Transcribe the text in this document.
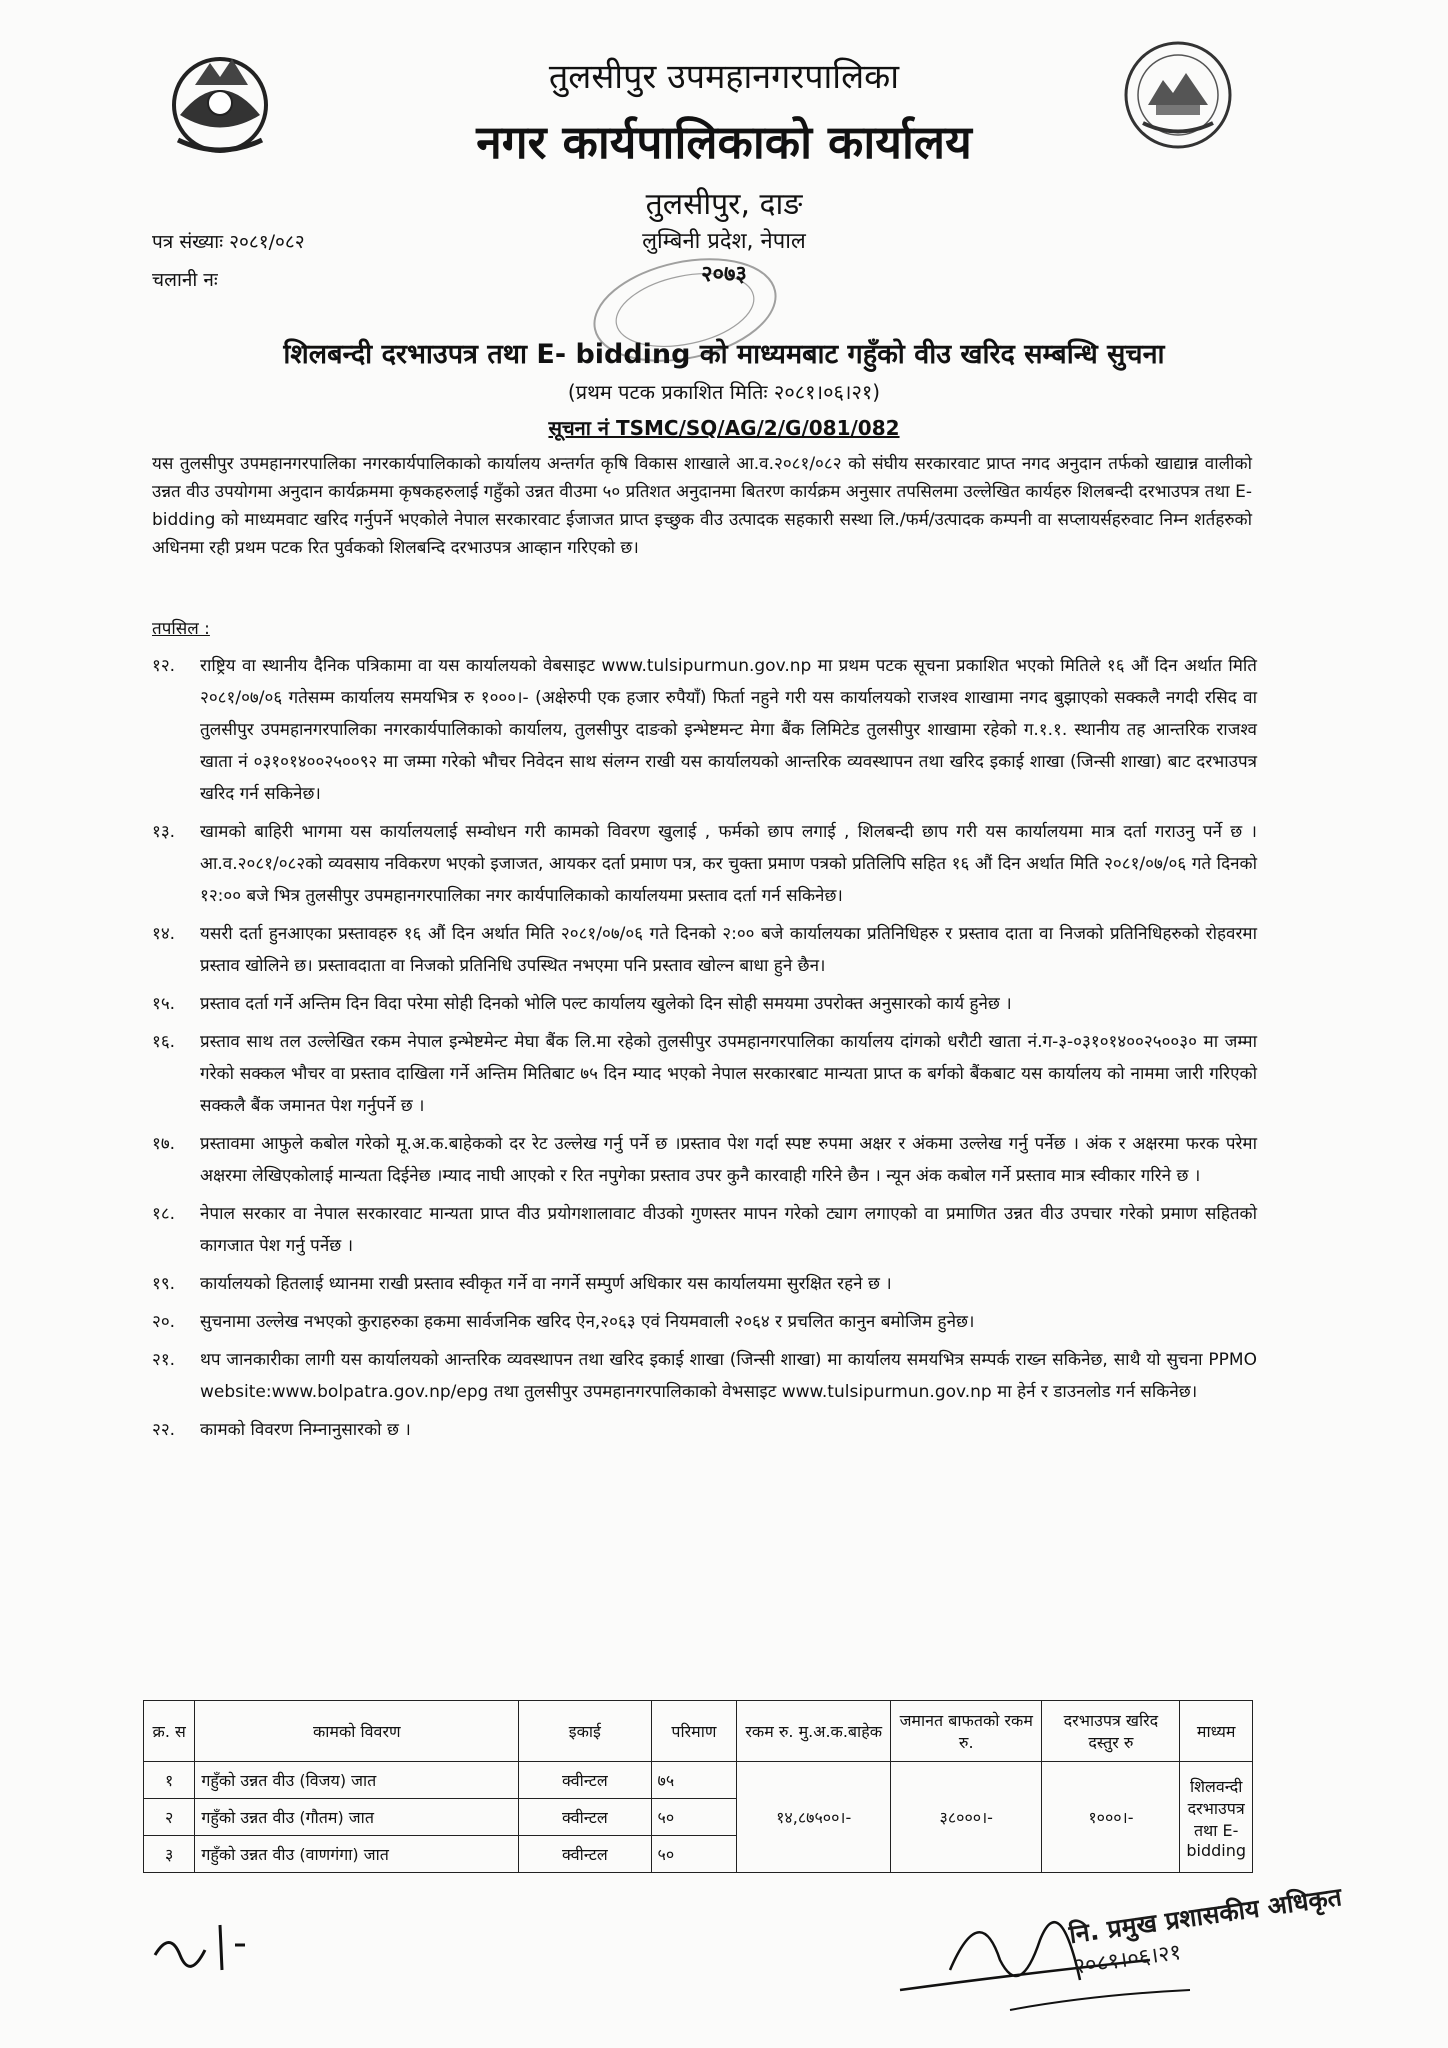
तुलसीपुर उपमहानगरपालिका
नगर कार्यपालिकाको कार्यालय
तुलसीपुर, दाङ
लुम्बिनी प्रदेश, नेपाल
२०७३
पत्र संख्याः २०८१/०८२
चलानी नः
शिलबन्दी दरभाउपत्र तथा E- bidding को माध्यमबाट गहुँको वीउ खरिद सम्बन्धि सुचना
(प्रथम पटक प्रकाशित मितिः २०८१।०६।२१)
सूचना नं TSMC/SQ/AG/2/G/081/082
यस तुलसीपुर उपमहानगरपालिका नगरकार्यपालिकाको कार्यालय अन्तर्गत कृषि विकास शाखाले आ.व.२०८१/०८२ को संघीय सरकारवाट प्राप्त नगद अनुदान तर्फको खाद्यान्न वालीको उन्नत वीउ उपयोगमा अनुदान कार्यक्रममा कृषकहरुलाई गहुँको उन्नत वीउमा ५० प्रतिशत अनुदानमा बितरण कार्यक्रम अनुसार तपसिलमा उल्लेखित कार्यहरु शिलबन्दी दरभाउपत्र तथा E- bidding को माध्यमवाट खरिद गर्नुपर्ने भएकोले नेपाल सरकारवाट ईजाजत प्राप्त इच्छुक वीउ उत्पादक सहकारी सस्था लि./फर्म/उत्पादक कम्पनी वा सप्लायर्सहरुवाट निम्न शर्तहरुको अधिनमा रही प्रथम पटक रित पुर्वकको शिलबन्दि दरभाउपत्र आव्हान गरिएको छ।
तपसिल :
१२.	राष्ट्रिय वा स्थानीय दैनिक पत्रिकामा वा यस कार्यालयको वेबसाइट www.tulsipurmun.gov.np मा प्रथम पटक सूचना प्रकाशित भएको मितिले १६ औं दिन अर्थात मिति २०८१/०७/०६ गतेसम्म कार्यालय समयभित्र रु १०००।- (अक्षेरुपी एक हजार रुपैयाँ) फिर्ता नहुने गरी यस कार्यालयको राजश्व शाखामा नगद बुझाएको सक्कलै नगदी रसिद वा तुलसीपुर उपमहानगरपालिका नगरकार्यपालिकाको कार्यालय, तुलसीपुर दाङको इन्भेष्टमन्ट मेगा बैंक लिमिटेड तुलसीपुर शाखामा रहेको ग.१.१. स्थानीय तह आन्तरिक राजश्व खाता नं ०३१०१४००२५००९२ मा जम्मा गरेको भौचर निवेदन साथ संलग्न राखी यस कार्यालयको आन्तरिक व्यवस्थापन तथा खरिद इकाई शाखा (जिन्सी शाखा) बाट दरभाउपत्र खरिद गर्न सकिनेछ।
१३.	खामको बाहिरी भागमा यस कार्यालयलाई सम्वोधन गरी कामको विवरण खुलाई , फर्मको छाप लगाई , शिलबन्दी छाप गरी यस कार्यालयमा मात्र दर्ता गराउनु पर्ने छ । आ.व.२०८१/०८२को व्यवसाय नविकरण भएको इजाजत, आयकर दर्ता प्रमाण पत्र, कर चुक्ता प्रमाण पत्रको प्रतिलिपि सहित १६ औं दिन अर्थात मिति २०८१/०७/०६ गते दिनको १२:०० बजे भित्र तुलसीपुर उपमहानगरपालिका नगर कार्यपालिकाको कार्यालयमा प्रस्ताव दर्ता गर्न सकिनेछ।
१४.	यसरी दर्ता हुनआएका प्रस्तावहरु १६ औं दिन अर्थात मिति २०८१/०७/०६ गते दिनको २:०० बजे कार्यालयका प्रतिनिधिहरु र प्रस्ताव दाता वा निजको प्रतिनिधिहरुको रोहवरमा प्रस्ताव खोलिने छ। प्रस्तावदाता वा निजको प्रतिनिधि उपस्थित नभएमा पनि प्रस्ताव खोल्न बाधा हुने छैन।
१५.	प्रस्ताव दर्ता गर्ने अन्तिम दिन विदा परेमा सोही दिनको भोलि पल्ट कार्यालय खुलेको दिन सोही समयमा उपरोक्त अनुसारको कार्य हुनेछ ।
१६.	प्रस्ताव साथ तल उल्लेखित रकम नेपाल इन्भेष्टमेन्ट मेघा बैंक लि.मा रहेको तुलसीपुर उपमहानगरपालिका कार्यालय दांगको धरौटी खाता नं.ग-३-०३१०१४००२५००३० मा जम्मा गरेको सक्कल भौचर वा प्रस्ताव दाखिला गर्ने अन्तिम मितिबाट ७५ दिन म्याद भएको नेपाल सरकारबाट मान्यता प्राप्त क बर्गको बैंकबाट यस कार्यालय को नाममा जारी गरिएको सक्कलै बैंक जमानत पेश गर्नुपर्ने छ ।
१७.	प्रस्तावमा आफुले कबोल गरेको मू.अ.क.बाहेकको दर रेट उल्लेख गर्नु पर्ने छ ।प्रस्ताव पेश गर्दा स्पष्ट रुपमा अक्षर र अंकमा उल्लेख गर्नु पर्नेछ । अंक र अक्षरमा फरक परेमा अक्षरमा लेखिएकोलाई मान्यता दिईनेछ ।म्याद नाघी आएको र रित नपुगेका प्रस्ताव उपर कुनै कारवाही गरिने छैन । न्यून अंक कबोल गर्ने प्रस्ताव मात्र स्वीकार गरिने छ ।
१८.	नेपाल सरकार वा नेपाल सरकारवाट मान्यता प्राप्त वीउ प्रयोगशालावाट वीउको गुणस्तर मापन गरेको ट्याग लगाएको वा प्रमाणित उन्नत वीउ उपचार गरेको प्रमाण सहितको कागजात पेश गर्नु पर्नेछ ।
१९.	कार्यालयको हितलाई ध्यानमा राखी प्रस्ताव स्वीकृत गर्ने वा नगर्ने सम्पुर्ण अधिकार यस कार्यालयमा सुरक्षित रहने छ ।
२०.	सुचनामा उल्लेख नभएको कुराहरुका हकमा सार्वजनिक खरिद ऐन,२०६३ एवं नियमवाली २०६४ र प्रचलित कानुन बमोजिम हुनेछ।
२१.	थप जानकारीका लागी यस कार्यालयको आन्तरिक व्यवस्थापन तथा खरिद इकाई शाखा (जिन्सी शाखा) मा कार्यालय समयभित्र सम्पर्क राख्न सकिनेछ, साथै यो सुचना PPMO website:www.bolpatra.gov.np/epg तथा तुलसीपुर उपमहानगरपालिकाको वेभसाइट www.tulsipurmun.gov.np मा हेर्न र डाउनलोड गर्न सकिनेछ।
२२.	कामको विवरण निम्नानुसारको छ ।
क्र. स	कामको विवरण	इकाई	परिमाण	रकम रु. मु.अ.क.बाहेक	जमानत बाफतको रकम रु.	दरभाउपत्र खरिद दस्तुर रु	माध्यम
१	गहुँको उन्नत वीउ (विजय) जात	क्वीन्टल	७५	१४,८७५००।-	३८०००।-	१०००।-	शिलवन्दी दरभाउपत्र तथा E- bidding
२	गहुँको उन्नत वीउ (गौतम) जात	क्वीन्टल	५०				
३	गहुँको उन्नत वीउ (वाणगंगा) जात	क्वीन्टल	५०				
नि. प्रमुख प्रशासकीय अधिकृत
२०८१।०६।२१
